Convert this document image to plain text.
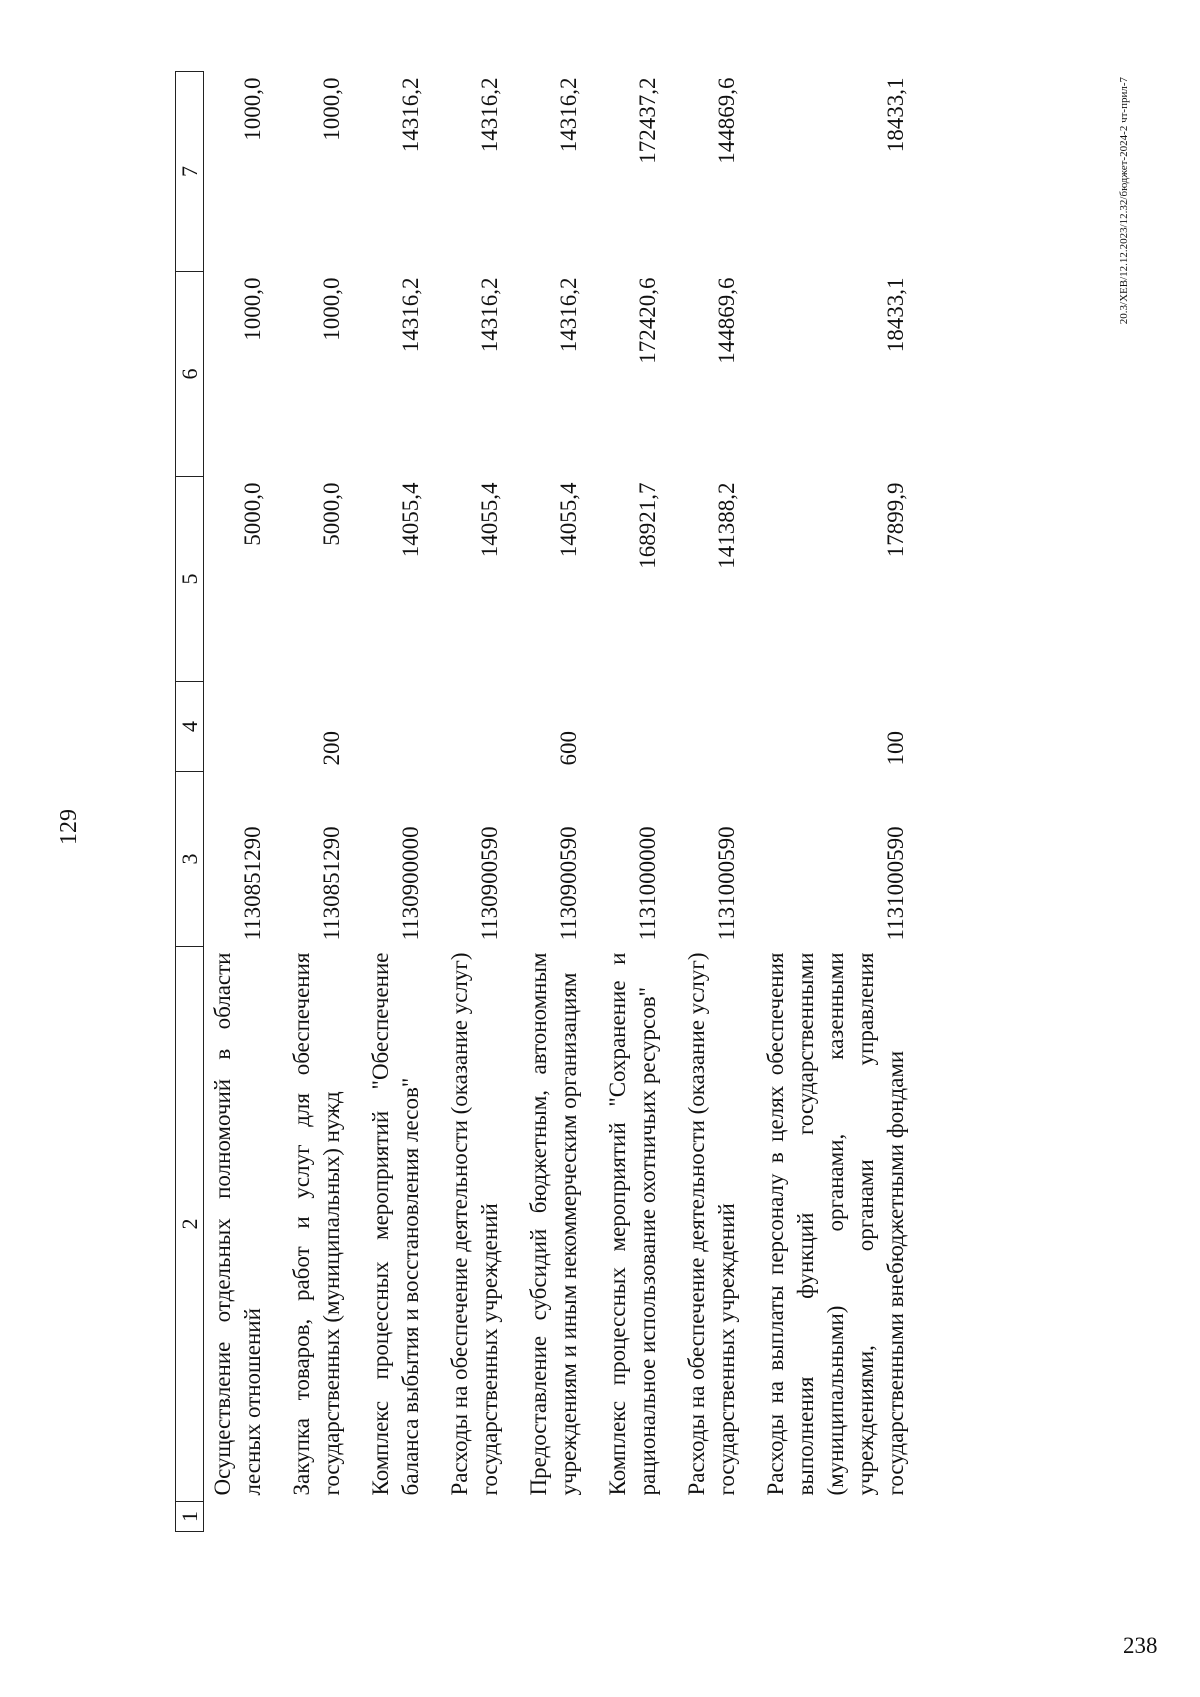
129
1	2	3	4	5	6	7
	Осуществление отдельных полномочий в области лесных отношений	1130851290		5000,0	1000,0	1000,0
	Закупка товаров, работ и услуг для обеспечения государственных (муниципальных) нужд	1130851290	200	5000,0	1000,0	1000,0
	Комплекс процессных мероприятий "Обеспечение баланса выбытия и восстановления лесов"	1130900000		14055,4	14316,2	14316,2
	Расходы на обеспечение деятельности (оказание услуг) государственных учреждений	1130900590		14055,4	14316,2	14316,2
	Предоставление субсидий бюджетным, автономным учреждениям и иным некоммерческим организациям	1130900590	600	14055,4	14316,2	14316,2
	Комплекс процессных мероприятий "Сохранение и рациональное использование охотничьих ресурсов"	1131000000		168921,7	172420,6	172437,2
	Расходы на обеспечение деятельности (оказание услуг) государственных учреждений	1131000590		141388,2	144869,6	144869,6
	Расходы на выплаты персоналу в целях обеспечения выполнения функций государственными (муниципальными) органами, казенными учреждениями, органами управления государственными внебюджетными фондами	1131000590	100	17899,9	18433,1	18433,1	20.3/ХЕВ/12.12.2023/12.32/бюджет-2024-2 чт-прил-7
238
